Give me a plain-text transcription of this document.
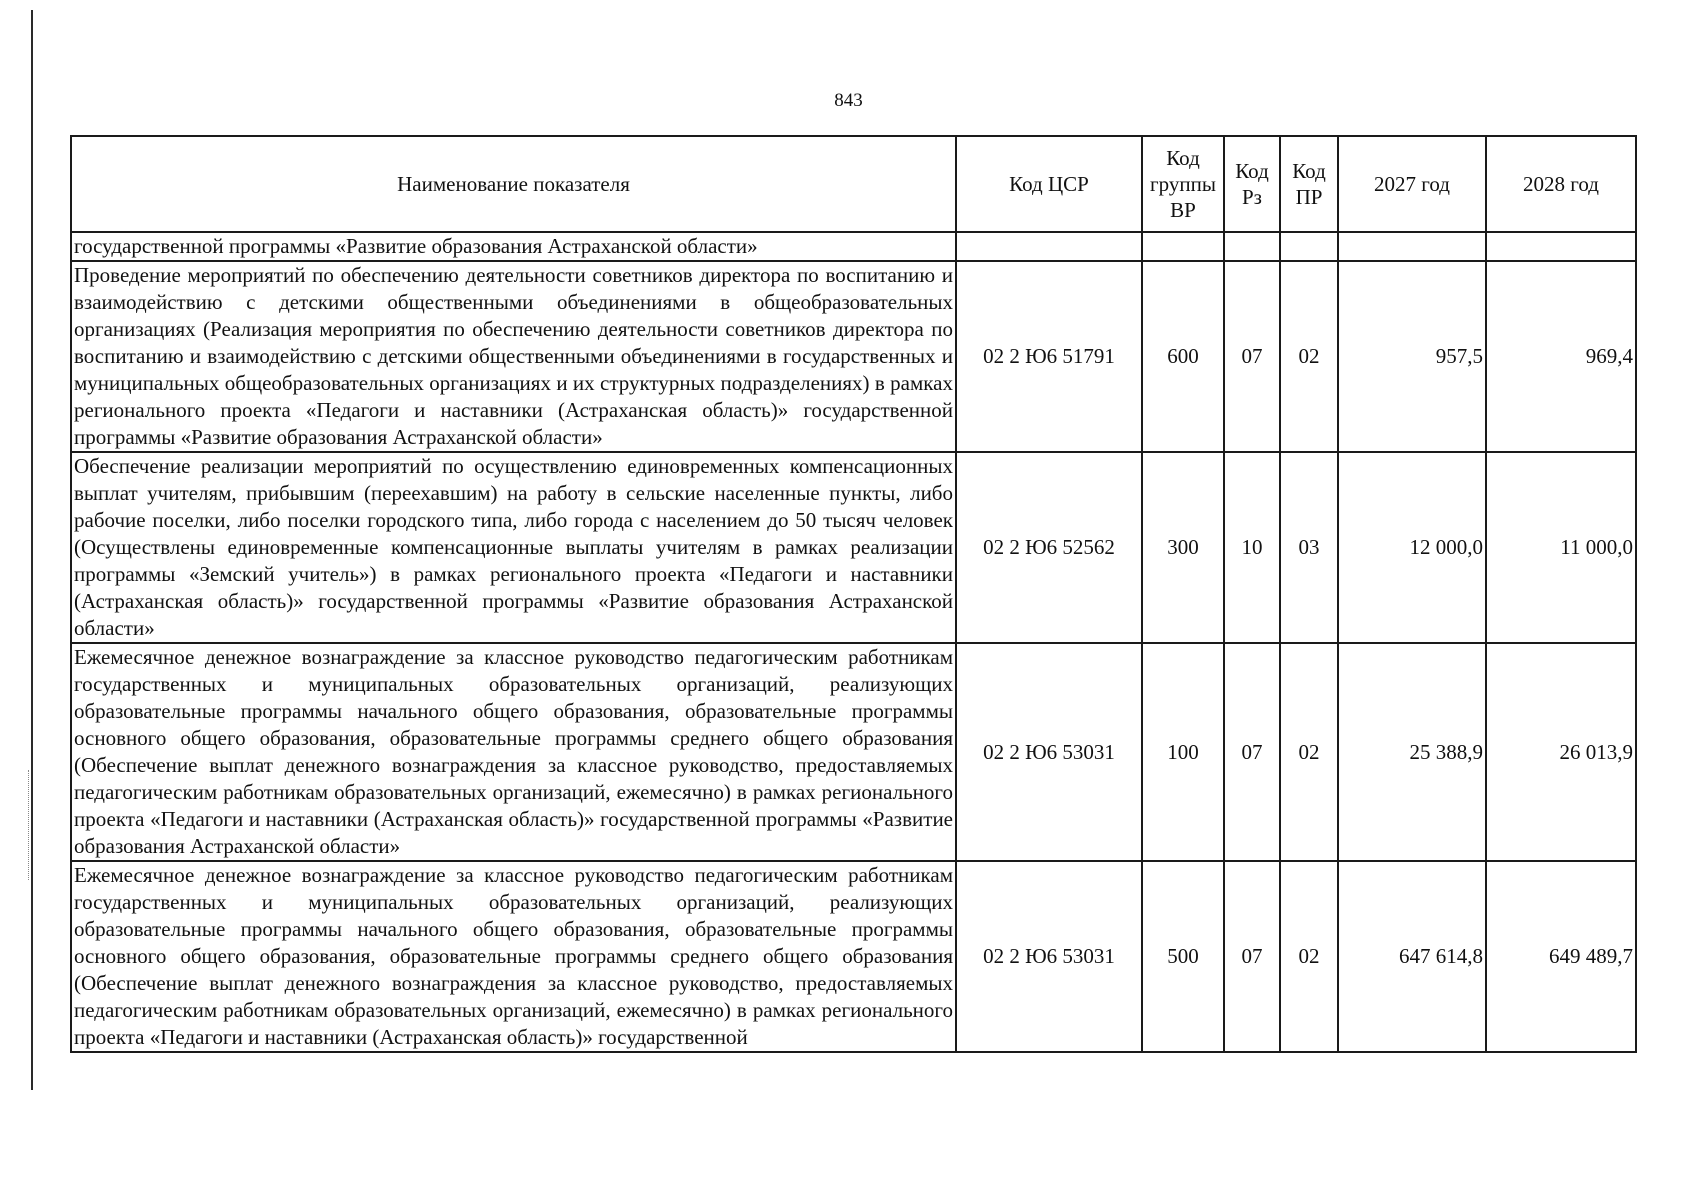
843
Наименование показателя	Код ЦСР	Код группы ВР	Код Рз	Код ПР	2027 год	2028 год
государственной программы «Развитие образования Астраханской области»						
Проведение мероприятий по обеспечению деятельности советников директора по воспитанию и взаимодействию с детскими общественными объединениями в общеобразовательных организациях (Реализация мероприятия по обеспечению деятельности советников директора по воспитанию и взаимодействию с детскими общественными объединениями в государственных и муниципальных общеобразовательных организациях и их структурных подразделениях) в рамках регионального проекта «Педагоги и наставники (Астраханская область)» государственной программы «Развитие образования Астраханской области»	02 2 Ю6 51791	600	07	02	957,5	969,4
Обеспечение реализации мероприятий по осуществлению единовременных компенсационных выплат учителям, прибывшим (переехавшим) на работу в сельские населенные пункты, либо рабочие поселки, либо поселки городского типа, либо города с населением до 50 тысяч человек (Осуществлены единовременные компенсационные выплаты учителям в рамках реализации программы «Земский учитель») в рамках регионального проекта «Педагоги и наставники (Астраханская область)» государственной программы «Развитие образования Астраханской области»	02 2 Ю6 52562	300	10	03	12 000,0	11 000,0
Ежемесячное денежное вознаграждение за классное руководство педагогическим работникам государственных и муниципальных образовательных организаций, реализующих образовательные программы начального общего образования, образовательные программы основного общего образования, образовательные программы среднего общего образования (Обеспечение выплат денежного вознаграждения за классное руководство, предоставляемых педагогическим работникам образовательных организаций, ежемесячно) в рамках регионального проекта «Педагоги и наставники (Астраханская область)» государственной программы «Развитие образования Астраханской области»	02 2 Ю6 53031	100	07	02	25 388,9	26 013,9
Ежемесячное денежное вознаграждение за классное руководство педагогическим работникам государственных и муниципальных образовательных организаций, реализующих образовательные программы начального общего образования, образовательные программы основного общего образования, образовательные программы среднего общего образования (Обеспечение выплат денежного вознаграждения за классное руководство, предоставляемых педагогическим работникам образовательных организаций, ежемесячно) в рамках регионального проекта «Педагоги и наставники (Астраханская область)» государственной	02 2 Ю6 53031	500	07	02	647 614,8	649 489,7
